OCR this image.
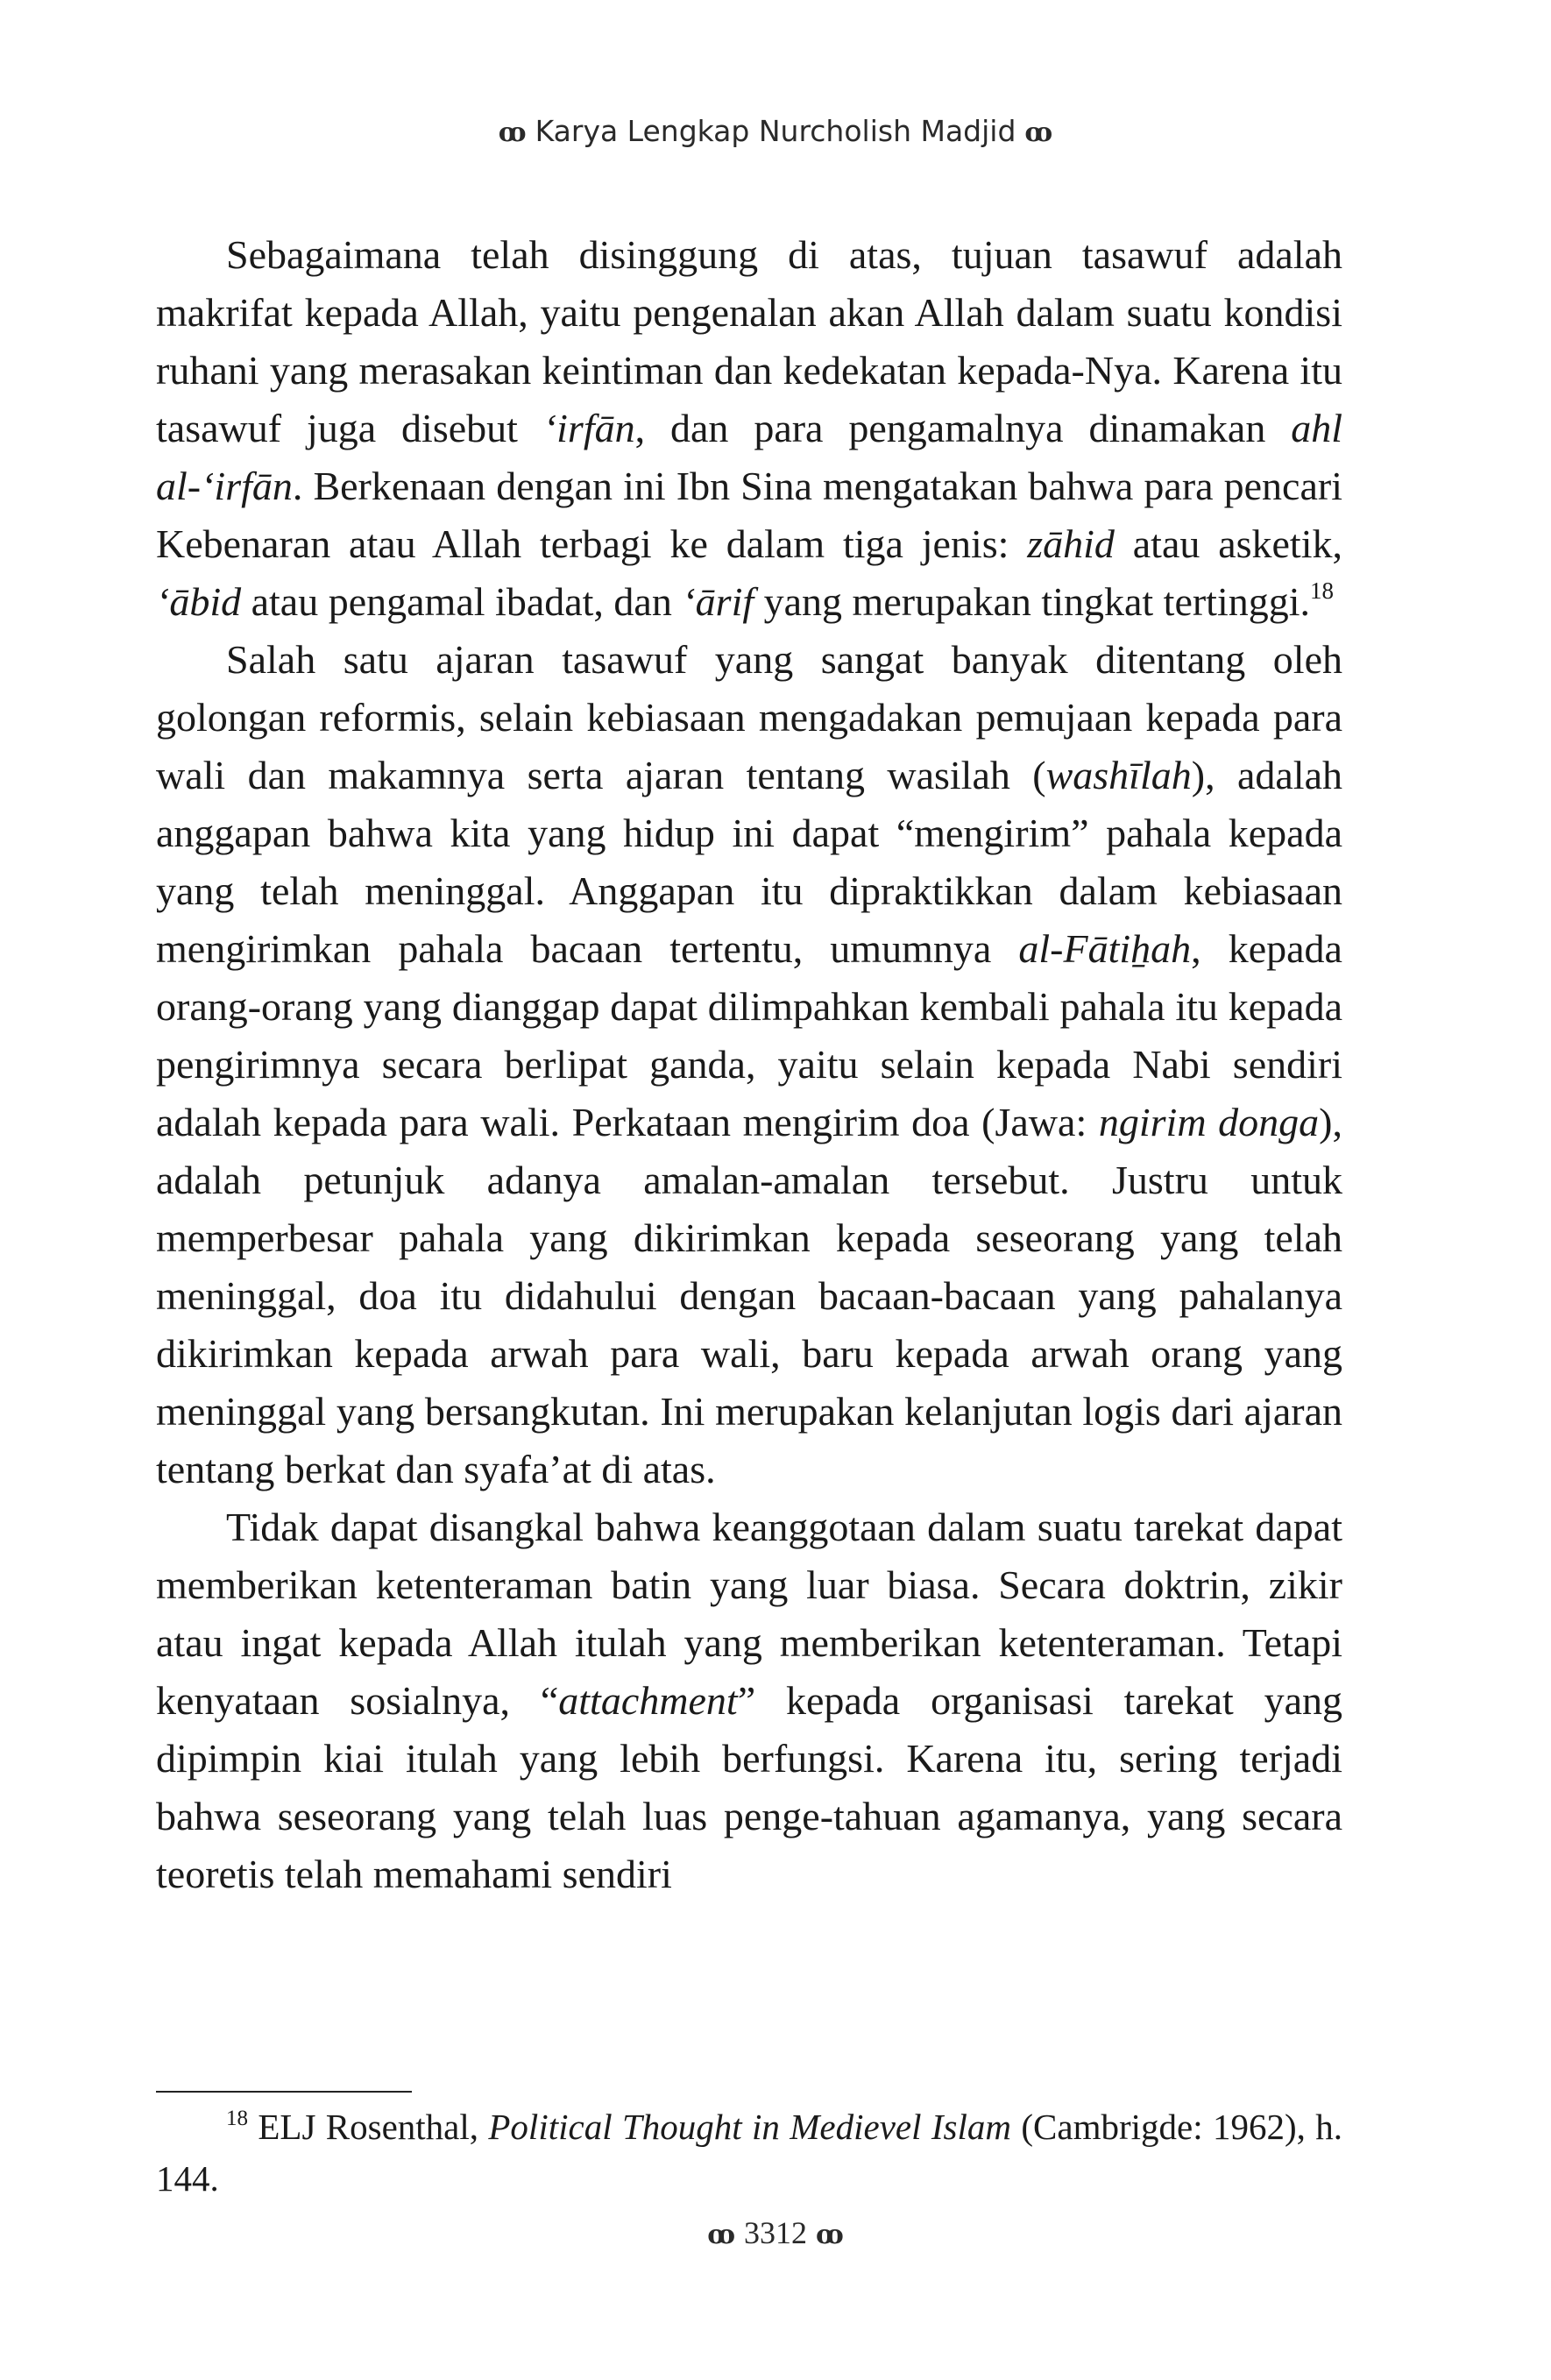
ꝏ Karya Lengkap Nurcholish Madjid ꝏ

Sebagaimana telah disinggung di atas, tujuan tasawuf adalah makrifat kepada Allah, yaitu pengenalan akan Allah dalam suatu kondisi ruhani yang merasakan keintiman dan kedekatan kepada-Nya. Karena itu tasawuf juga disebut ‘irfān, dan para pengamalnya dinamakan ahl al-‘irfān. Berkenaan dengan ini Ibn Sina mengatakan bahwa para pencari Kebenaran atau Allah terbagi ke dalam tiga jenis: zāhid atau asketik, ‘ābid atau pengamal ibadat, dan ‘ārif yang merupakan tingkat tertinggi.$^{18}$

Salah satu ajaran tasawuf yang sangat banyak ditentang oleh golongan reformis, selain kebiasaan mengadakan pemujaan kepada para wali dan makamnya serta ajaran tentang wasilah (washīlah), adalah anggapan bahwa kita yang hidup ini dapat “mengirim” pahala kepada yang telah meninggal. Anggapan itu dipraktikkan dalam kebiasaan mengirimkan pahala bacaan tertentu, umumnya al-Fātiẖah, kepada orang-orang yang dianggap dapat dilimpahkan kembali pahala itu kepada pengirimnya secara berlipat ganda, yaitu selain kepada Nabi sendiri adalah kepada para wali. Perkataan mengirim doa (Jawa: ngirim donga), adalah petunjuk adanya amalan-amalan tersebut. Justru untuk memperbesar pahala yang dikirimkan kepada seseorang yang telah meninggal, doa itu didahului dengan bacaan-bacaan yang pahalanya dikirimkan kepada arwah para wali, baru kepada arwah orang yang meninggal yang bersangkutan. Ini merupakan kelanjutan logis dari ajaran tentang berkat dan syafa’at di atas.

Tidak dapat disangkal bahwa keanggotaan dalam suatu tarekat dapat memberikan ketenteraman batin yang luar biasa. Secara doktrin, zikir atau ingat kepada Allah itulah yang memberikan ketenteraman. Tetapi kenyataan sosialnya, “attachment” kepada organisasi tarekat yang dipimpin kiai itulah yang lebih berfungsi. Karena itu, sering terjadi bahwa seseorang yang telah luas penge-tahuan agamanya, yang secara teoretis telah memahami sendiri

$^{18}$ ELJ Rosenthal, Political Thought in Medievel Islam (Cambrigde: 1962), h. 144.
ꝏ 3312 ꝏ
